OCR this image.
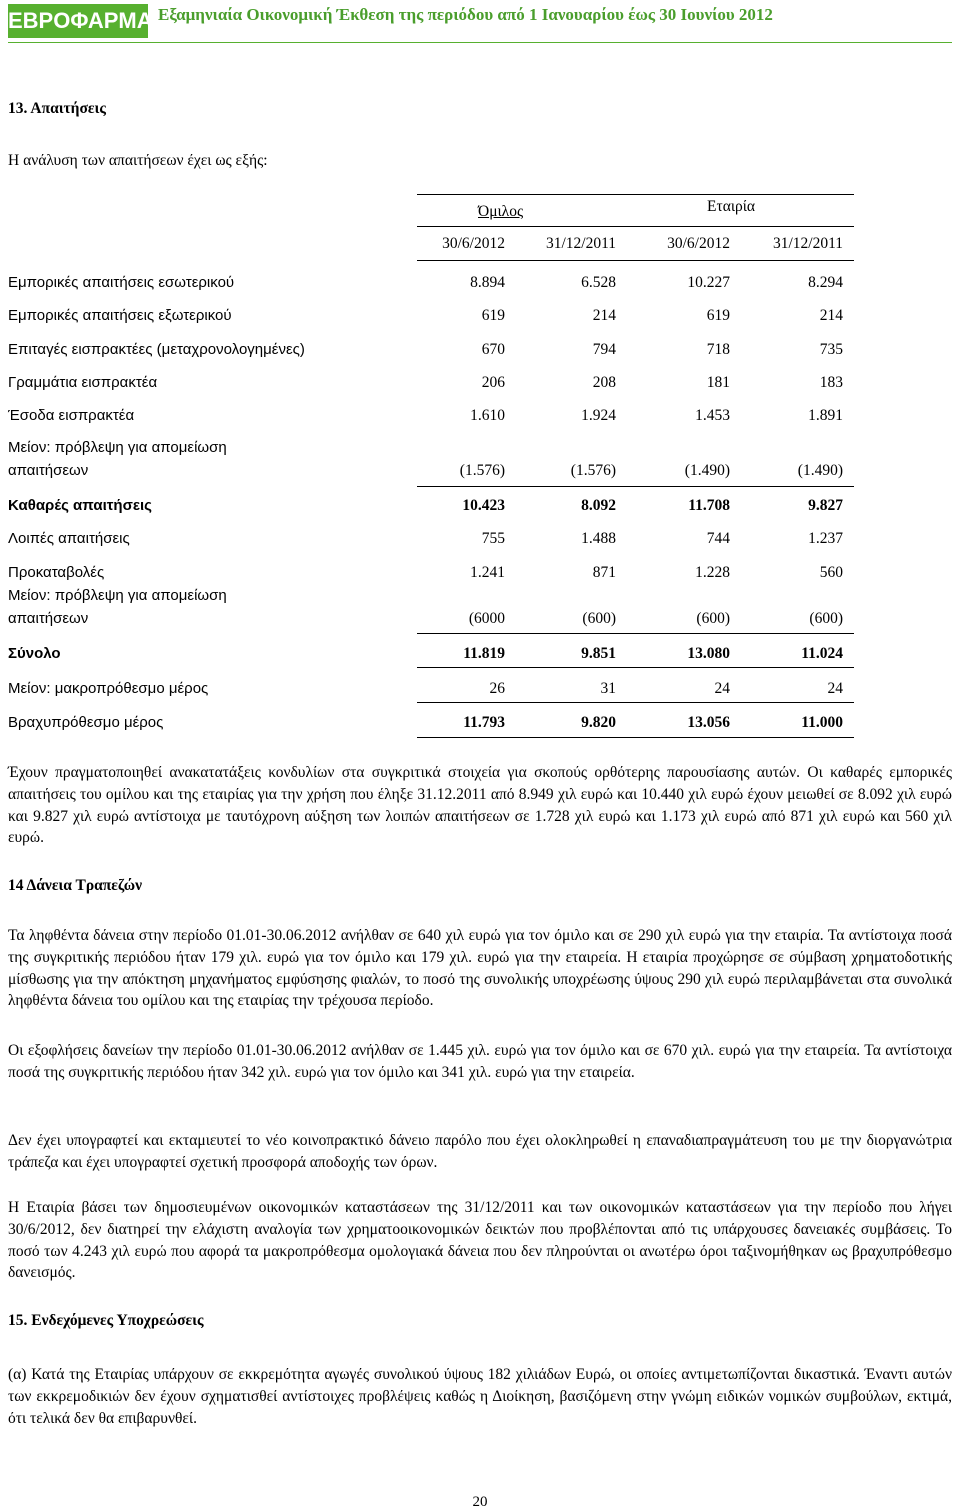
ΕΒΡΟΦΑΡΜΑ Εξαμηνιαία Οικονομική Έκθεση της περιόδου από 1 Ιανουαρίου έως 30 Ιουνίου 2012
13. Απαιτήσεις
Η ανάλυση των απαιτήσεων έχει ως εξής:
Όμιλος	Εταιρία
30/6/2012	31/12/2011	30/6/2012	31/12/2011
Εμπορικές απαιτήσεις εσωτερικού	8.894	6.528	10.227	8.294
Εμπορικές απαιτήσεις εξωτερικού	619	214	619	214
Επιταγές εισπρακτέες (μεταχρονολογημένες)	670	794	718	735
Γραμμάτια εισπρακτέα	206	208	181	183
Έσοδα εισπρακτέα	1.610	1.924	1.453	1.891
Μείον: πρόβλεψη για απομείωση
απαιτήσεων	(1.576)	(1.576)	(1.490)	(1.490)
Καθαρές απαιτήσεις	10.423	8.092	11.708	9.827
Λοιπές απαιτήσεις	755	1.488	744	1.237
Προκαταβολές	1.241	871	1.228	560
Μείον: πρόβλεψη για απομείωση
απαιτήσεων	(6000	(600)	(600)	(600)
Σύνολο	11.819	9.851	13.080	11.024
Μείον: μακροπρόθεσμο μέρος	26	31	24	24
Βραχυπρόθεσμο μέρος	11.793	9.820	13.056	11.000
Έχουν πραγματοποιηθεί ανακατατάξεις κονδυλίων στα συγκριτικά στοιχεία για σκοπούς ορθότερης παρουσίασης αυτών. Οι καθαρές εμπορικές απαιτήσεις του ομίλου και της εταιρίας για την χρήση που έληξε 31.12.2011 από 8.949 χιλ ευρώ και 10.440 χιλ ευρώ έχουν μειωθεί σε 8.092 χιλ ευρώ και 9.827 χιλ ευρώ αντίστοιχα με ταυτόχρονη αύξηση των λοιπών απαιτήσεων σε 1.728 χιλ ευρώ και 1.173 χιλ ευρώ από 871 χιλ ευρώ και 560 χιλ ευρώ.
14 Δάνεια Τραπεζών
Τα ληφθέντα δάνεια στην περίοδο 01.01-30.06.2012 ανήλθαν σε 640 χιλ ευρώ για τον όμιλο και σε 290 χιλ ευρώ για την εταιρία. Τα αντίστοιχα ποσά της συγκριτικής περιόδου ήταν 179 χιλ. ευρώ για τον όμιλο και 179 χιλ. ευρώ για την εταιρεία. Η εταιρία προχώρησε σε σύμβαση χρηματοδοτικής μίσθωσης για την απόκτηση μηχανήματος εμφύσησης φιαλών, το ποσό της συνολικής υποχρέωσης ύψους 290 χιλ ευρώ περιλαμβάνεται στα συνολικά ληφθέντα δάνεια του ομίλου και της εταιρίας την τρέχουσα περίοδο.
Οι εξοφλήσεις δανείων την περίοδο 01.01-30.06.2012 ανήλθαν σε 1.445 χιλ. ευρώ για τον όμιλο και σε 670 χιλ. ευρώ για την εταιρεία. Τα αντίστοιχα ποσά της συγκριτικής περιόδου ήταν 342 χιλ. ευρώ για τον όμιλο και 341 χιλ. ευρώ για την εταιρεία.
Δεν έχει υπογραφτεί και εκταμιευτεί το νέο κοινοπρακτικό δάνειο παρόλο που έχει ολοκληρωθεί η επαναδιαπραγμάτευση του με την διοργανώτρια τράπεζα και έχει υπογραφτεί σχετική προσφορά αποδοχής των όρων.
Η Εταιρία βάσει των δημοσιευμένων οικονομικών καταστάσεων της 31/12/2011 και των οικονομικών καταστάσεων για την περίοδο που λήγει 30/6/2012, δεν διατηρεί την ελάχιστη αναλογία των χρηματοοικονομικών δεικτών που προβλέπονται από τις υπάρχουσες δανειακές συμβάσεις. Το ποσό των 4.243 χιλ ευρώ που αφορά τα μακροπρόθεσμα ομολογιακά δάνεια που δεν πληρούνται οι ανωτέρω όροι ταξινομήθηκαν ως βραχυπρόθεσμο δανεισμός.
15. Ενδεχόμενες Υποχρεώσεις
(α) Κατά της Εταιρίας υπάρχουν σε εκκρεμότητα αγωγές συνολικού ύψους 182 χιλιάδων Ευρώ, οι οποίες αντιμετωπίζονται δικαστικά. Έναντι αυτών των εκκρεμοδικιών δεν έχουν σχηματισθεί αντίστοιχες προβλέψεις καθώς η Διοίκηση, βασιζόμενη στην γνώμη ειδικών νομικών συμβούλων, εκτιμά, ότι τελικά δεν θα επιβαρυνθεί.
20
